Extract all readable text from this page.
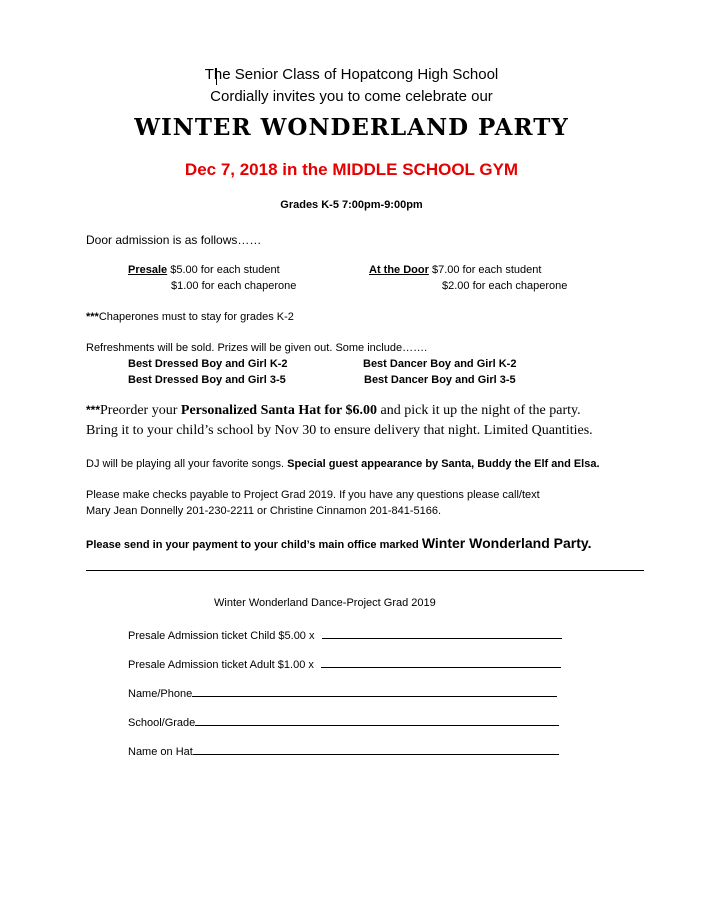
The Senior Class of Hopatcong High School
Cordially invites you to come celebrate our
WINTER WONDERLAND PARTY
Dec 7, 2018 in the MIDDLE SCHOOL GYM
Grades K-5 7:00pm-9:00pm
Door admission is as follows……
Presale $5.00 for each student
$1.00 for each chaperone
At the Door $7.00 for each student
$2.00 for each chaperone
***Chaperones must to stay for grades K-2
Refreshments will be sold. Prizes will be given out. Some include…….
Best Dressed Boy and Girl K-2
Best Dressed Boy and Girl 3-5
Best Dancer Boy and Girl K-2
Best Dancer Boy and Girl 3-5
***Preorder your Personalized Santa Hat for $6.00 and pick it up the night of the party.
Bring it to your child’s school by Nov 30 to ensure delivery that night. Limited Quantities.
DJ will be playing all your favorite songs. Special guest appearance by Santa, Buddy the Elf and Elsa.
Please make checks payable to Project Grad 2019. If you have any questions please call/text
Mary Jean Donnelly 201-230-2211 or Christine Cinnamon 201-841-5166.
Please send in your payment to your child’s main office marked Winter Wonderland Party.
Winter Wonderland Dance-Project Grad 2019
Presale Admission ticket Child $5.00 x
Presale Admission ticket Adult $1.00 x
Name/Phone
School/Grade
Name on Hat
